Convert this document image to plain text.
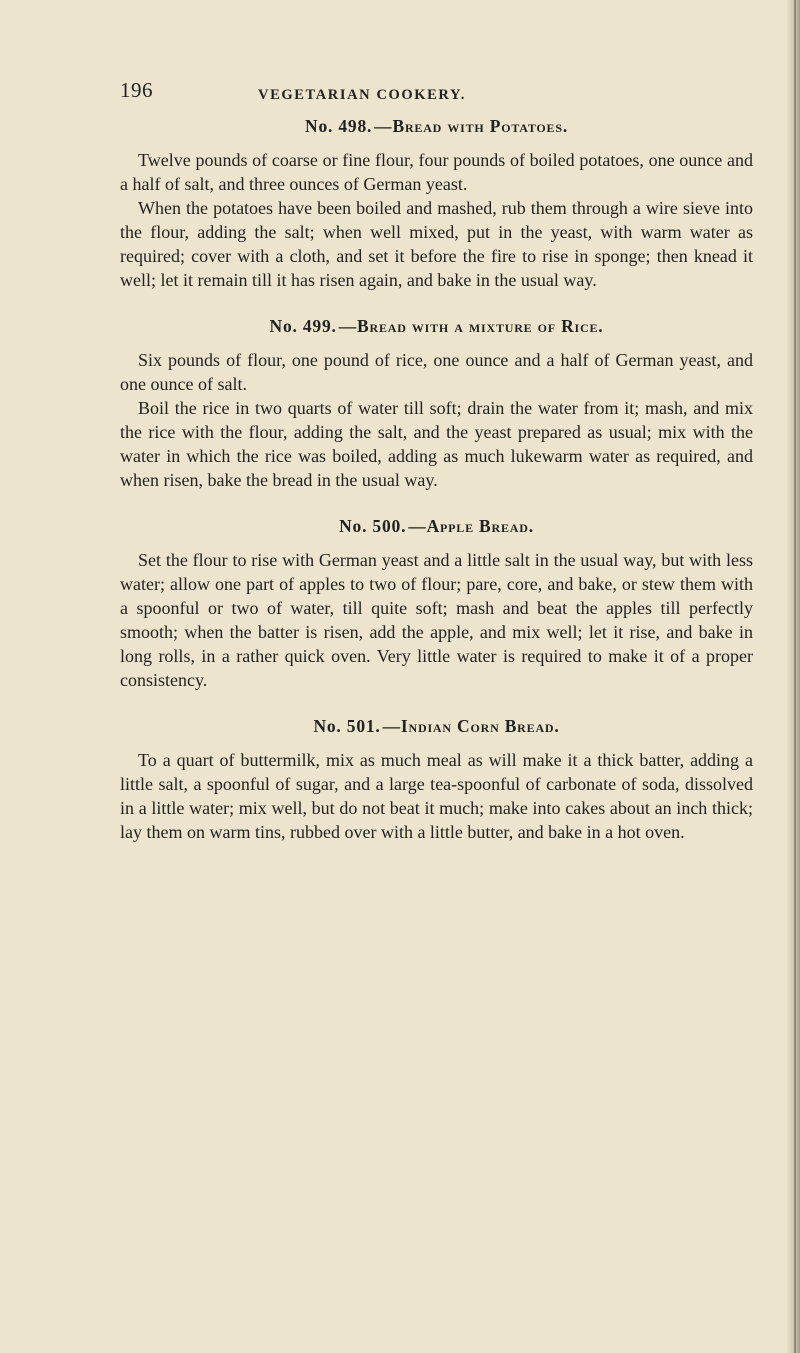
196	VEGETARIAN COOKERY.
No. 498. —Bread with Potatoes.

Twelve pounds of coarse or fine flour, four pounds of boiled potatoes, one ounce and a half of salt, and three ounces of German yeast.

When the potatoes have been boiled and mashed, rub them through a wire sieve into the flour, adding the salt; when well mixed, put in the yeast, with warm water as required; cover with a cloth, and set it before the fire to rise in sponge; then knead it well; let it remain till it has risen again, and bake in the usual way.

No. 499. —Bread with a mixture of Rice.

Six pounds of flour, one pound of rice, one ounce and a half of German yeast, and one ounce of salt.

Boil the rice in two quarts of water till soft; drain the water from it; mash, and mix the rice with the flour, adding the salt, and the yeast prepared as usual; mix with the water in which the rice was boiled, adding as much lukewarm water as required, and when risen, bake the bread in the usual way.

No. 500. —Apple Bread.

Set the flour to rise with German yeast and a little salt in the usual way, but with less water; allow one part of apples to two of flour; pare, core, and bake, or stew them with a spoonful or two of water, till quite soft; mash and beat the apples till perfectly smooth; when the batter is risen, add the apple, and mix well; let it rise, and bake in long rolls, in a rather quick oven. Very little water is required to make it of a proper consistency.

No. 501. —Indian Corn Bread.

To a quart of buttermilk, mix as much meal as will make it a thick batter, adding a little salt, a spoonful of sugar, and a large tea-spoonful of carbonate of soda, dissolved in a little water; mix well, but do not beat it much; make into cakes about an inch thick; lay them on warm tins, rubbed over with a little butter, and bake in a hot oven.
